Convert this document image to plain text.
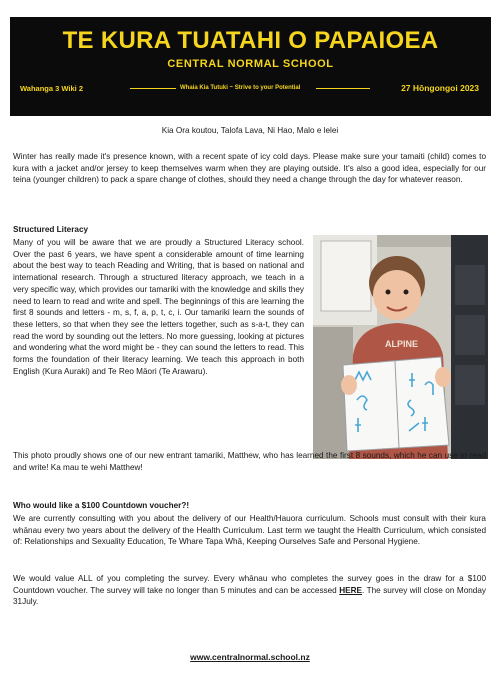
TE KURA TUATAHI O PAPAIOEA
CENTRAL NORMAL SCHOOL
Wahanga 3 Wiki 2	Whaia Kia Tutuki ~ Strive to your Potential	27 Hōngongoi 2023
Kia Ora koutou, Talofa Lava, Ni Hao, Malo e lelei

Winter has really made it's presence known, with a recent spate of icy cold days. Please make sure your tamaiti (child) comes to kura with a jacket and/or jersey to keep themselves warm when they are playing outside. It's also a good idea, especially for our teina (younger children) to pack a spare change of clothes, should they need a change through the day for whatever reason.

Structured Literacy

Many of you will be aware that we are proudly a Structured Literacy school. Over the past 6 years, we have spent a considerable amount of time learning about the best way to teach Reading and Writing, that is based on national and international research. Through a structured literacy approach, we teach in a very specific way, which provides our tamariki with the knowledge and skills they need to learn to read and write and spell. The beginnings of this are learning the first 8 sounds and letters - m, s, f, a, p, t, c, i. Our tamariki learn the sounds of these letters, so that when they see the letters together, such as s-a-t, they can read the word by sounding out the letters. No more guessing, looking at pictures and wondering what the word might be - they can sound the letters to read. This forms the foundation of their literacy learning. We teach this approach in both English (Kura Auraki) and Te Reo Māori (Te Arawaru).

ALPINE

This photo proudly shows one of our new entrant tamariki, Matthew, who has learned the first 8 sounds, which he can use to read and write! Ka mau te wehi Matthew!

Who would like a $100 Countdown voucher?!

We are currently consulting with you about the delivery of our Health/Hauora curriculum. Schools must consult with their kura whānau every two years about the delivery of the Health Curriculum. Last term we taught the Health Curriculum, which consisted of: Relationships and Sexuality Education, Te Whare Tapa Whā, Keeping Ourselves Safe and Personal Hygiene.

We would value ALL of you completing the survey. Every whānau who completes the survey goes in the draw for a $100 Countdown voucher. The survey will take no longer than 5 minutes and can be accessed HERE. The survey will close on Monday 31July.

www.centralnormal.school.nz
